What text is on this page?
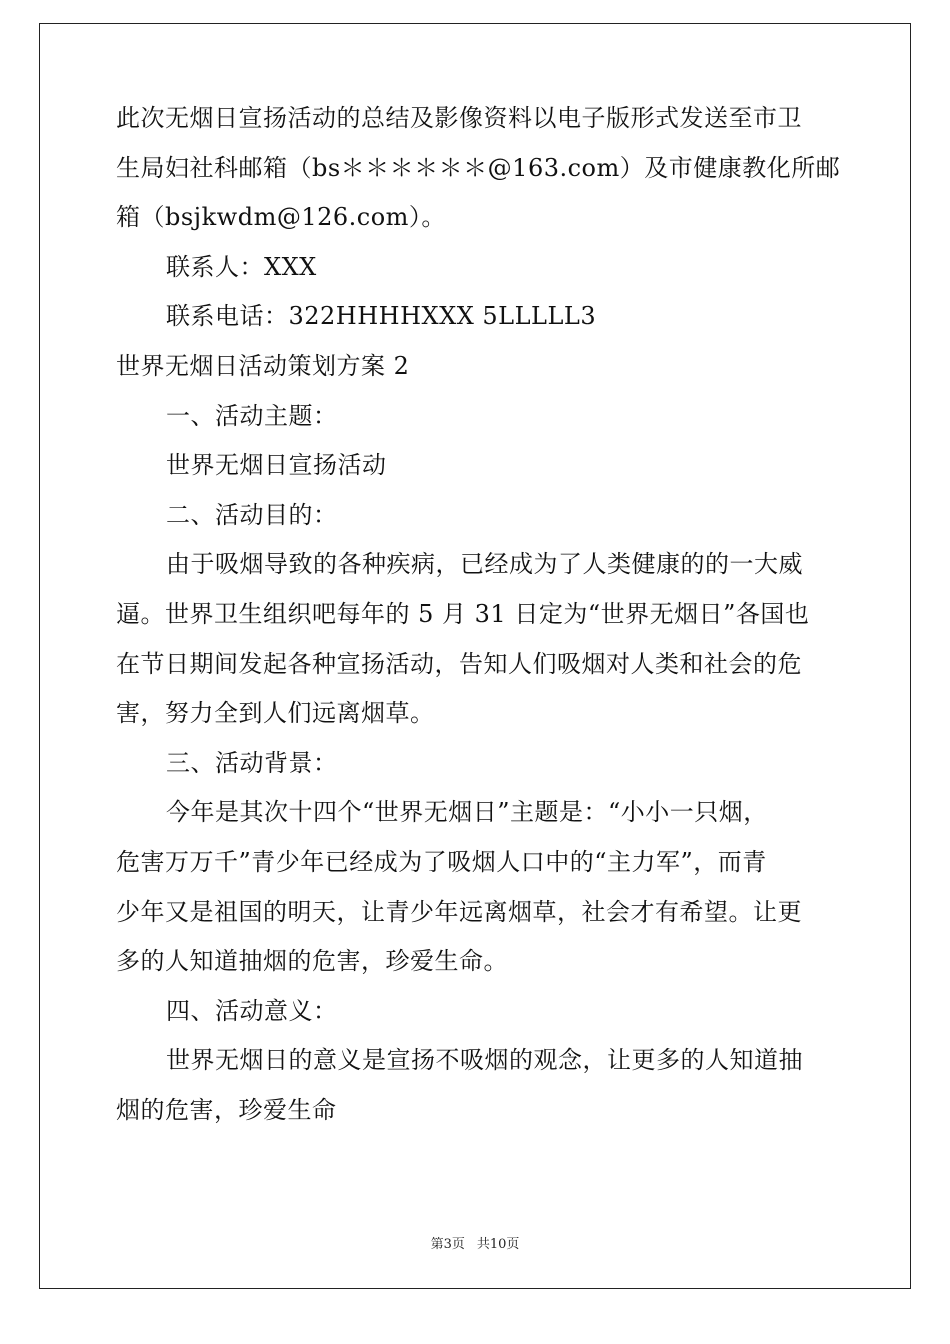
此次无烟日宣扬活动的总结及影像资料以电子版形式发送至市卫
生局妇社科邮箱（bs＊＊＊＊＊＊@163.com）及市健康教化所邮
箱（bsjkwdm@126.com）。
联系人：XXX
联系电话：322HHHHXXX 5LLLLL3
世界无烟日活动策划方案 2
一、活动主题：
世界无烟日宣扬活动
二、活动目的：
由于吸烟导致的各种疾病，已经成为了人类健康的的一大威
逼。世界卫生组织吧每年的 5 月 31 日定为“世界无烟日”各国也
在节日期间发起各种宣扬活动，告知人们吸烟对人类和社会的危
害，努力全到人们远离烟草。
三、活动背景：
今年是其次十四个“世界无烟日”主题是：“小小一只烟，
危害万万千”青少年已经成为了吸烟人口中的“主力军”，而青
少年又是祖国的明天，让青少年远离烟草，社会才有希望。让更
多的人知道抽烟的危害，珍爱生命。
四、活动意义：
世界无烟日的意义是宣扬不吸烟的观念，让更多的人知道抽
烟的危害，珍爱生命
第3页 共10页
